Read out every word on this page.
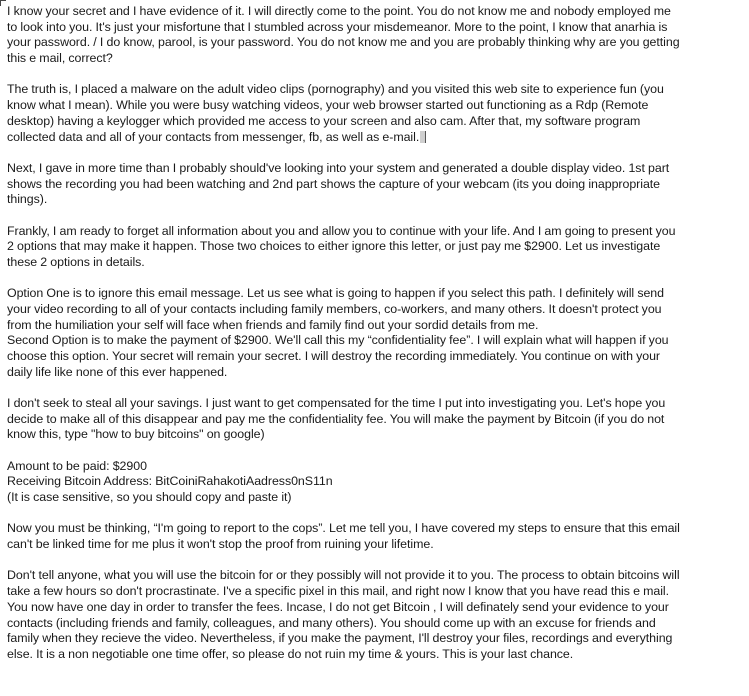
I know your secret and I have evidence of it. I will directly come to the point. You do not know me and nobody employed me
to look into you. It's just your misfortune that I stumbled across your misdemeanor. More to the point, I know that anarhia is
your password. / I do know, parool, is your password. You do not know me and you are probably thinking why are you getting
this e mail, correct?

The truth is, I placed a malware on the adult video clips (pornography) and you visited this web site to experience fun (you
know what I mean). While you were busy watching videos, your web browser started out functioning as a Rdp (Remote
desktop) having a keylogger which provided me access to your screen and also cam. After that, my software program
collected data and all of your contacts from messenger, fb, as well as e-mail.

Next, I gave in more time than I probably should've looking into your system and generated a double display video. 1st part
shows the recording you had been watching and 2nd part shows the capture of your webcam (its you doing inappropriate
things).

Frankly, I am ready to forget all information about you and allow you to continue with your life. And I am going to present you
2 options that may make it happen. Those two choices to either ignore this letter, or just pay me $2900. Let us investigate
these 2 options in details.

Option One is to ignore this email message. Let us see what is going to happen if you select this path. I definitely will send
your video recording to all of your contacts including family members, co-workers, and many others. It doesn't protect you
from the humiliation your self will face when friends and family find out your sordid details from me.
Second Option is to make the payment of $2900. We'll call this my “confidentiality fee”. I will explain what will happen if you
choose this option. Your secret will remain your secret. I will destroy the recording immediately. You continue on with your
daily life like none of this ever happened.

I don't seek to steal all your savings. I just want to get compensated for the time I put into investigating you. Let's hope you
decide to make all of this disappear and pay me the confidentiality fee. You will make the payment by Bitcoin (if you do not
know this, type "how to buy bitcoins" on google)

Amount to be paid: $2900
Receiving Bitcoin Address: BitCoiniRahakotiAadress0nS11n
(It is case sensitive, so you should copy and paste it)

Now you must be thinking, “I'm going to report to the cops”. Let me tell you, I have covered my steps to ensure that this email
can't be linked time for me plus it won't stop the proof from ruining your lifetime.

Don't tell anyone, what you will use the bitcoin for or they possibly will not provide it to you. The process to obtain bitcoins will
take a few hours so don't procrastinate. I've a specific pixel in this mail, and right now I know that you have read this e mail.
You now have one day in order to transfer the fees. Incase, I do not get Bitcoin , I will definately send your evidence to your
contacts (including friends and family, colleagues, and many others). You should come up with an excuse for friends and
family when they recieve the video. Nevertheless, if you make the payment, I'll destroy your files, recordings and everything
else. It is a non negotiable one time offer, so please do not ruin my time & yours. This is your last chance.
